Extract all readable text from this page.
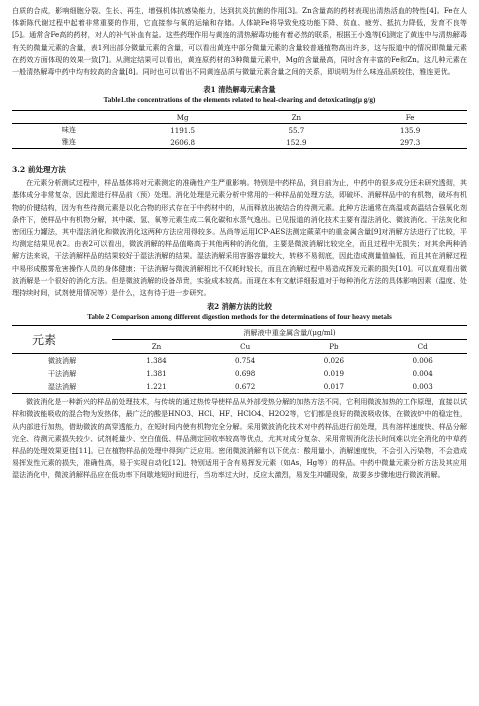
白质的合成，影响细胞分裂、生长、再生，增强机体抗感染能力，达到抗炎抗菌的作用[3]。Zn含量高的药材表现出清热活血的特性[4]。Fe在人体新陈代谢过程中起着非常重要的作用，它直接参与氧的运输和存储。人体缺Fe将导致免疫功能下降、贫血、疲劳、抵抗力降低，发育不良等[5]。通常含Fe高的药材，对人的补气补血有益。这些药理作用与黄连的清热解毒功能有着必然的联系，根据王小逸等[6]测定了黄连中与清热解毒有关的微量元素的含量，表1列出部分微量元素的含量，可以看出黄连中部分微量元素的含量较普通植物高出许多，这与报道中的情况即微量元素在药效方面体现的效果一致[7]。从测定结果可以看出，黄连原药材的3种微量元素中，Mg的含量最高，同时含有丰富的Fe和Zn。这几种元素在一般清热解毒中药中均有较高的含量[8]。同时也可以看出不同黄连品质与微量元素含量之间的关系，即说明为什么味连品质较佳，雅连更优。

表1 清热解毒元素含量

Table1.the concentrations of the elements related to heal-clearing and detoxicating(μ g/g)

	Mg	Zn	Fe
味连	1191.5	55.7	135.9
雅连	2606.8	152.9	297.3

3.2 前处理方法

在元素分析测试过程中，样品基体将对元素测定的准确性产生严重影响。特别是中药样品，到目前为止，中药中的很多成分还未研究透彻，其基体成分非常复杂，因此需进行样品前（预）处理。消化处理是元素分析中常用的一种样品前处理方法，即破坏、消解样品中的有机物，破坏有机物的价键结构，因为有些待测元素是以化合物的形式存在于中药材中的，从而释放出被结合的待测元素。此种方法通常在高温或高温结合强氧化剂条件下，使样品中有机物分解，其中碳、氢、氧等元素生成二氧化碳和水蒸气逸出。已见报道的消化技术主要有湿法消化、微波消化、干法灰化和密闭压力罐法，其中湿法消化和微波消化这两种方法应用得较多。丛尚等运用ICP-AES法测定蕨菜中的重金属含量[9]对消解方法进行了比较，平均测定结果见表2。由表2可以看出，微波消解的样品值略高于其他两种的消化值，主要是微波消解比较完全，而且过程中无损失；对其余两种消解方法来说，干法消解样品的结果较好于湿法消解的结果。湿法消解采用容器容量较大，转移不易彻底，因此造成测量值偏低，而且其在消解过程中易形成酸雾危害操作人员的身体健康；干法消解与微波消解相比不仅耗时较长，而且在消解过程中易造成挥发元素的损失[10]。可以直观看出微波消解是一个很好的消化方法。但是微波消解的设备昂贵，实验成本较高。而现在本有文献详细报道对于每种消化方法的具体影响因素（温度、处理持续时间，试剂使用情况等）是什么，这有待于进一步研究。

表2 消解方法的比较

Table 2 Comparison among different digestion methods for the determinations of four heavy metals

元素	消解液中重金属含量/(μg/ml)			
	Zn	Cu	Pb	Cd
微波消解	1.384	0.754	0.026	0.006
干法消解	1.381	0.698	0.019	0.004
湿法消解	1.221	0.672	0.017	0.003

微波消化是一种新兴的样品前处理技术，与传统的通过热传导使样品从外部受热分解的加热方法不同，它利用微波加热的工作原理，直接以试样和微波能吸收的混合物为发热体，最广泛的酸是HNO3、HCl、HF、HClO4、H2O2等，它们都是良好的微波吸收体，在微波炉中的稳定性，从内部进行加热，借助微波的高穿透能力，在短时间内使有机物完全分解。采用微波消化技术对中药样品进行前处理，具有溶样速度快、样品分解完全、待测元素损失较少、试剂耗量少、空白值低、样品测定回收率较高等优点，尤其对成分复杂、采用常规消化法长时间难以完全消化的中草药样品的处理效果更佳[11]。已在植物样品前处理中得到广泛应用。密闭微波消解有以下优点：酸用量小，消解速度快，不会引入污染物，不会造成易挥发性元素的损失，准确性高，易于实现自动化[12]。特别适用于含有易挥发元素（如As，Hg等）的样品。中药中微量元素分析方法及其应用湿法消化中，微波消解样品应在低功率下间歇地短时间进行，当功率过大时，反应太激烈，易发生冲罐现象，故要多步骤地进行微波消解。
